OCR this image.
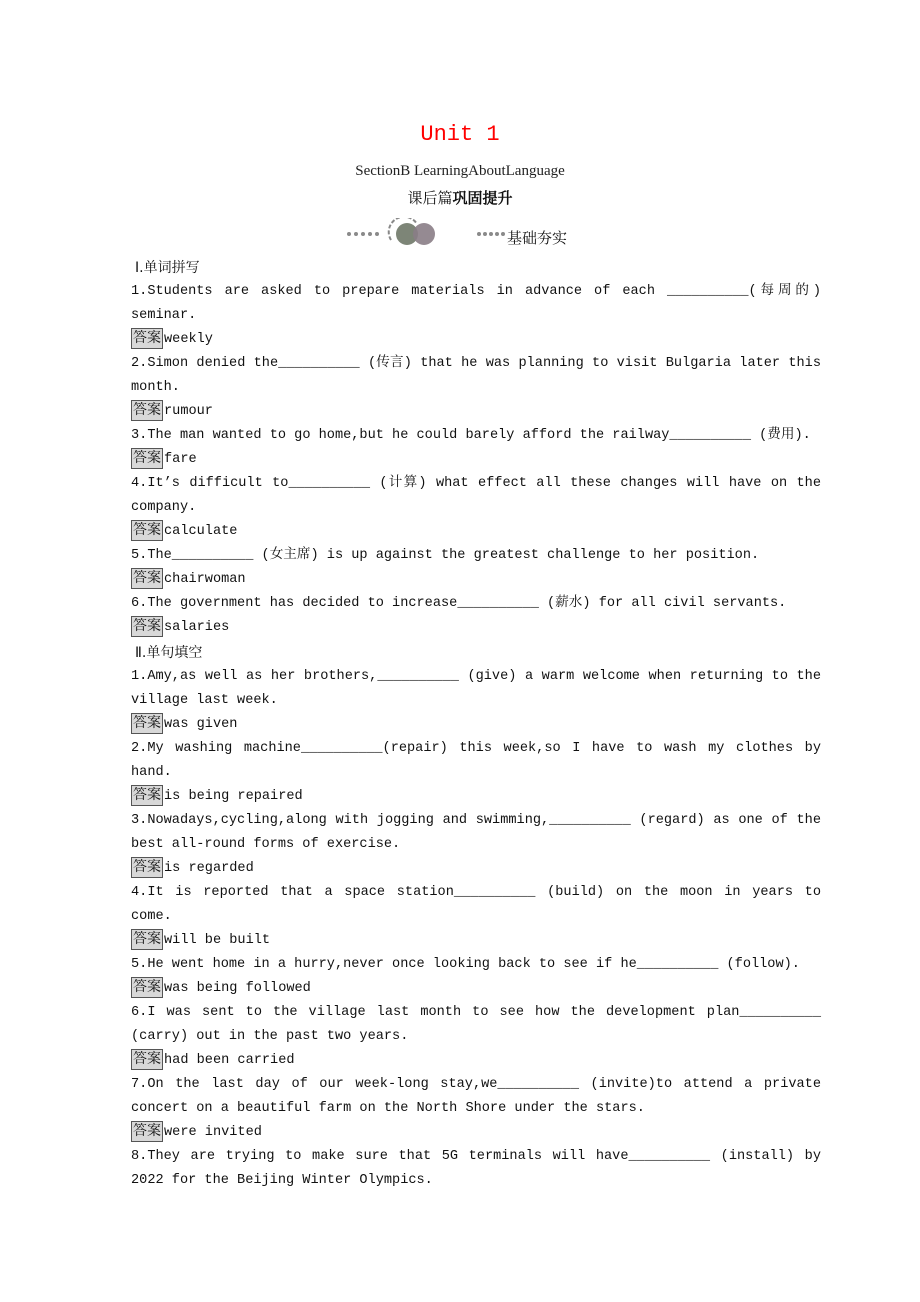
Unit 1
SectionB LearningAboutLanguage
课后篇巩固提升
基础夯实
Ⅰ.单词拼写
1.Students are asked to prepare materials in advance of each __________(每周的) seminar.
答案 weekly
2.Simon denied the__________ (传言) that he was planning to visit Bulgaria later this month.
答案 rumour
3.The man wanted to go home,but he could barely afford the railway__________ (费用).
答案 fare
4.It’s difficult to__________ (计算) what effect all these changes will have on the company.
答案 calculate
5.The__________ (女主席) is up against the greatest challenge to her position.
答案 chairwoman
6.The government has decided to increase__________ (薪水) for all civil servants.
答案 salaries
Ⅱ.单句填空
1.Amy,as well as her brothers,__________ (give) a warm welcome when returning to the village last week.
答案 was given
2.My washing machine__________(repair) this week,so I have to wash my clothes by hand.
答案 is being repaired
3.Nowadays,cycling,along with jogging and swimming,__________ (regard) as one of the best all-round forms of exercise.
答案 is regarded
4.It is reported that a space station__________ (build) on the moon in years to come.
答案 will be built
5.He went home in a hurry,never once looking back to see if he__________ (follow).
答案 was being followed
6.I was sent to the village last month to see how the development plan__________ (carry) out in the past two years.
答案 had been carried
7.On the last day of our week-long stay,we__________ (invite)to attend a private concert on a beautiful farm on the North Shore under the stars.
答案 were invited
8.They are trying to make sure that 5G terminals will have__________ (install) by 2022 for the Beijing Winter Olympics.
